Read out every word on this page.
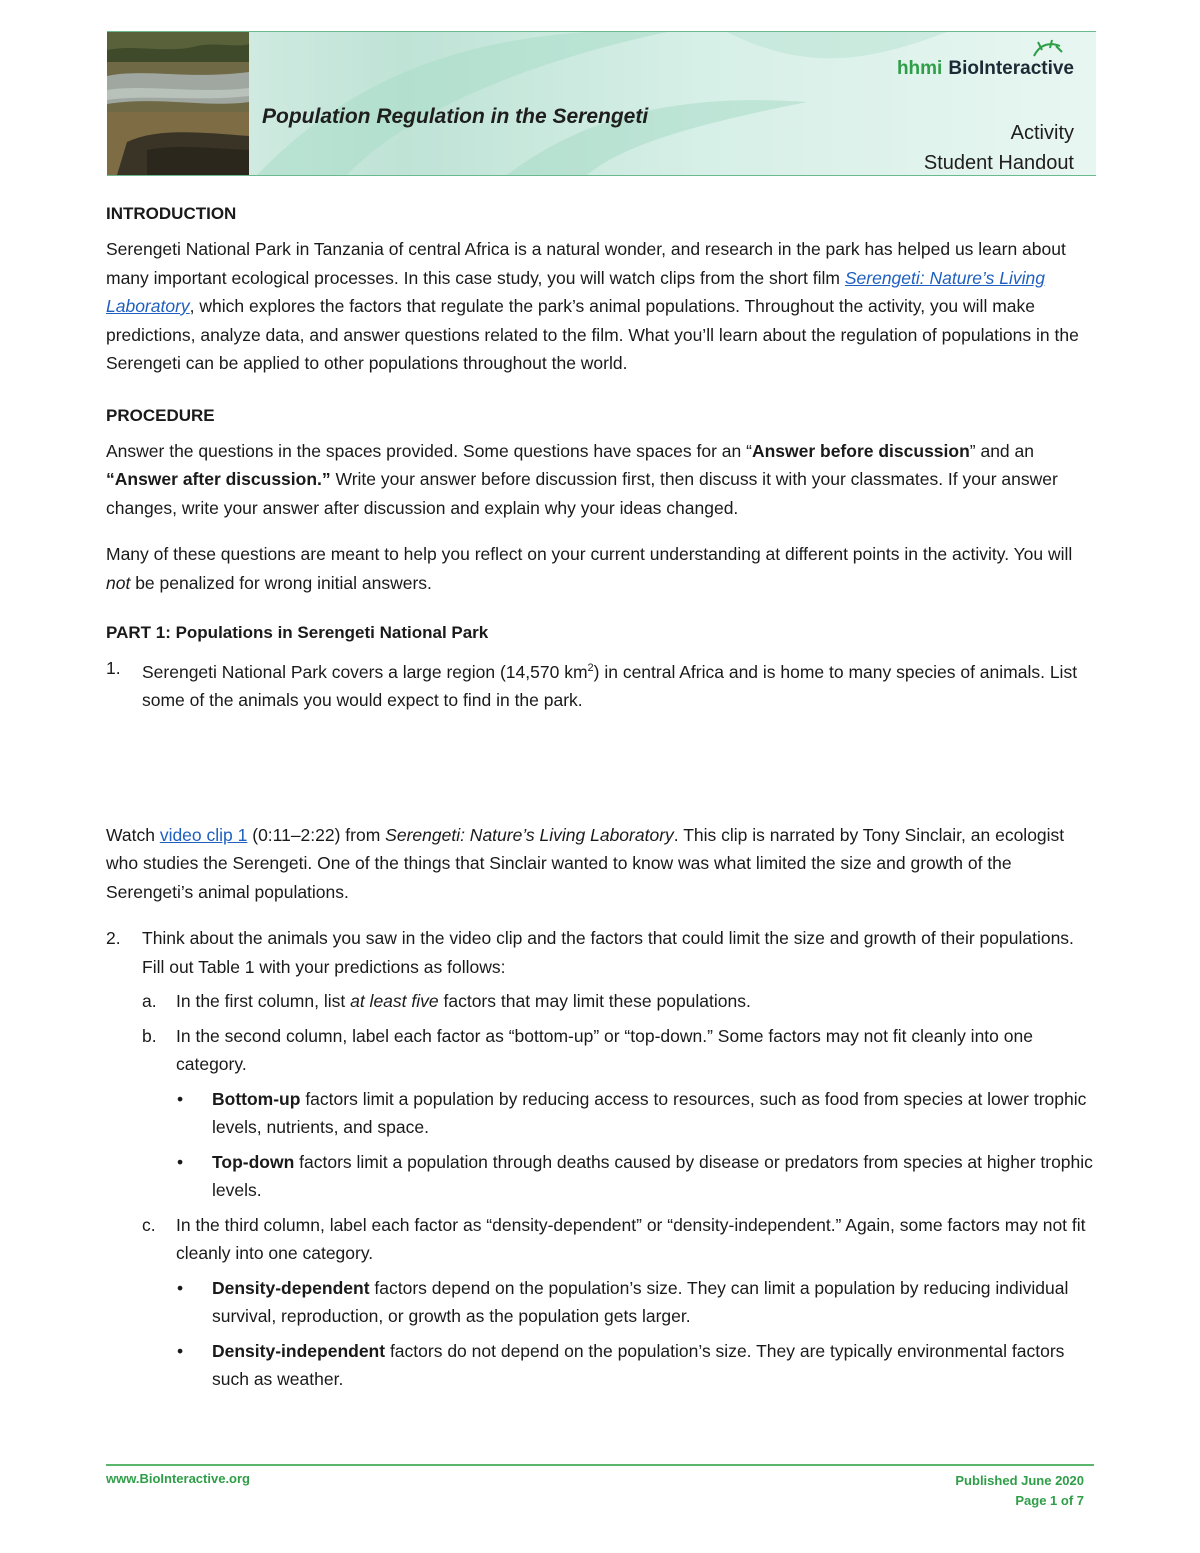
Population Regulation in the Serengeti
hhmi BioInteractive
Activity
Student Handout
INTRODUCTION

Serengeti National Park in Tanzania of central Africa is a natural wonder, and research in the park has helped us learn about many important ecological processes. In this case study, you will watch clips from the short film Serengeti: Nature’s Living Laboratory, which explores the factors that regulate the park’s animal populations. Throughout the activity, you will make predictions, analyze data, and answer questions related to the film. What you’ll learn about the regulation of populations in the Serengeti can be applied to other populations throughout the world.

PROCEDURE

Answer the questions in the spaces provided. Some questions have spaces for an “Answer before discussion” and an “Answer after discussion.” Write your answer before discussion first, then discuss it with your classmates. If your answer changes, write your answer after discussion and explain why your ideas changed.

Many of these questions are meant to help you reflect on your current understanding at different points in the activity. You will not be penalized for wrong initial answers.

PART 1: Populations in Serengeti National Park
1. Serengeti National Park covers a large region (14,570 $km^2$) in central Africa and is home to many species of animals. List some of the animals you would expect to find in the park.

Watch video clip 1 (0:11–2:22) from Serengeti: Nature’s Living Laboratory. This clip is narrated by Tony Sinclair, an ecologist who studies the Serengeti. One of the things that Sinclair wanted to know was what limited the size and growth of the Serengeti’s animal populations.

2. Think about the animals you saw in the video clip and the factors that could limit the size and growth of their populations. Fill out Table 1 with your predictions as follows:
a. In the first column, list at least five factors that may limit these populations.
b. In the second column, label each factor as “bottom-up” or “top-down.” Some factors may not fit cleanly into one category.
• Bottom-up factors limit a population by reducing access to resources, such as food from species at lower trophic levels, nutrients, and space.
• Top-down factors limit a population through deaths caused by disease or predators from species at higher trophic levels.
c. In the third column, label each factor as “density-dependent” or “density-independent.” Again, some factors may not fit cleanly into one category.
• Density-dependent factors depend on the population’s size. They can limit a population by reducing individual survival, reproduction, or growth as the population gets larger.
• Density-independent factors do not depend on the population’s size. They are typically environmental factors such as weather.
www.BioInteractive.org	Published June 2020
Page 1 of 7
